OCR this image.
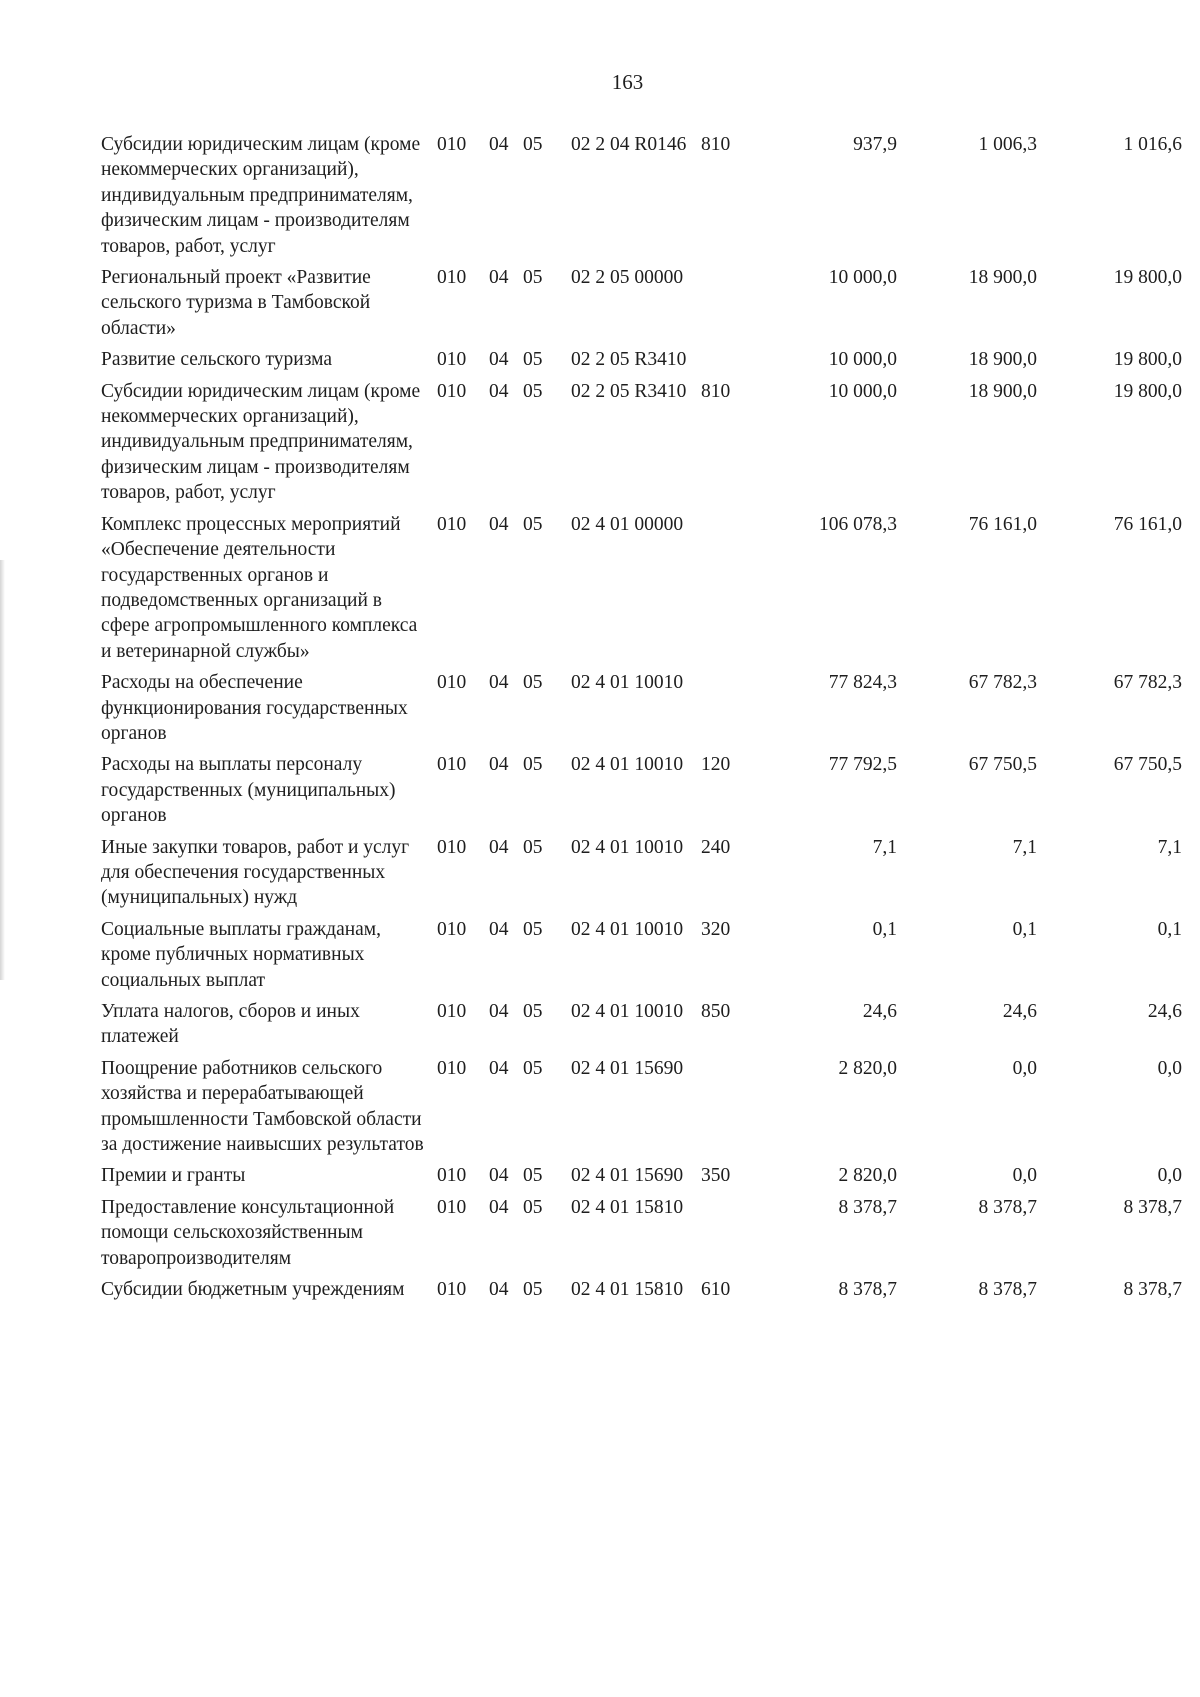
163
Субсидии юридическим лицам (кроме некоммерческих организаций), индивидуальным предпринимателям, физическим лицам - производителям товаров, работ, услуг	010	04	05	02 2 04 R0146	810	937,9	1 006,3	1 016,6
Региональный проект «Развитие сельского туризма в Тамбовской области»	010	04	05	02 2 05 00000		10 000,0	18 900,0	19 800,0
Развитие сельского туризма	010	04	05	02 2 05 R3410		10 000,0	18 900,0	19 800,0
Субсидии юридическим лицам (кроме некоммерческих организаций), индивидуальным предпринимателям, физическим лицам - производителям товаров, работ, услуг	010	04	05	02 2 05 R3410	810	10 000,0	18 900,0	19 800,0
Комплекс процессных мероприятий «Обеспечение деятельности государственных органов и подведомственных организаций в сфере агропромышленного комплекса и ветеринарной службы»	010	04	05	02 4 01 00000		106 078,3	76 161,0	76 161,0
Расходы на обеспечение функционирования государственных органов	010	04	05	02 4 01 10010		77 824,3	67 782,3	67 782,3
Расходы на выплаты персоналу государственных (муниципальных) органов	010	04	05	02 4 01 10010	120	77 792,5	67 750,5	67 750,5
Иные закупки товаров, работ и услуг для обеспечения государственных (муниципальных) нужд	010	04	05	02 4 01 10010	240	7,1	7,1	7,1
Социальные выплаты гражданам, кроме публичных нормативных социальных выплат	010	04	05	02 4 01 10010	320	0,1	0,1	0,1
Уплата налогов, сборов и иных платежей	010	04	05	02 4 01 10010	850	24,6	24,6	24,6
Поощрение работников сельского хозяйства и перерабатывающей промышленности Тамбовской области за достижение наивысших результатов	010	04	05	02 4 01 15690		2 820,0	0,0	0,0
Премии и гранты	010	04	05	02 4 01 15690	350	2 820,0	0,0	0,0
Предоставление консультационной помощи сельскохозяйственным товаропроизводителям	010	04	05	02 4 01 15810		8 378,7	8 378,7	8 378,7
Субсидии бюджетным учреждениям	010	04	05	02 4 01 15810	610	8 378,7	8 378,7	8 378,7
